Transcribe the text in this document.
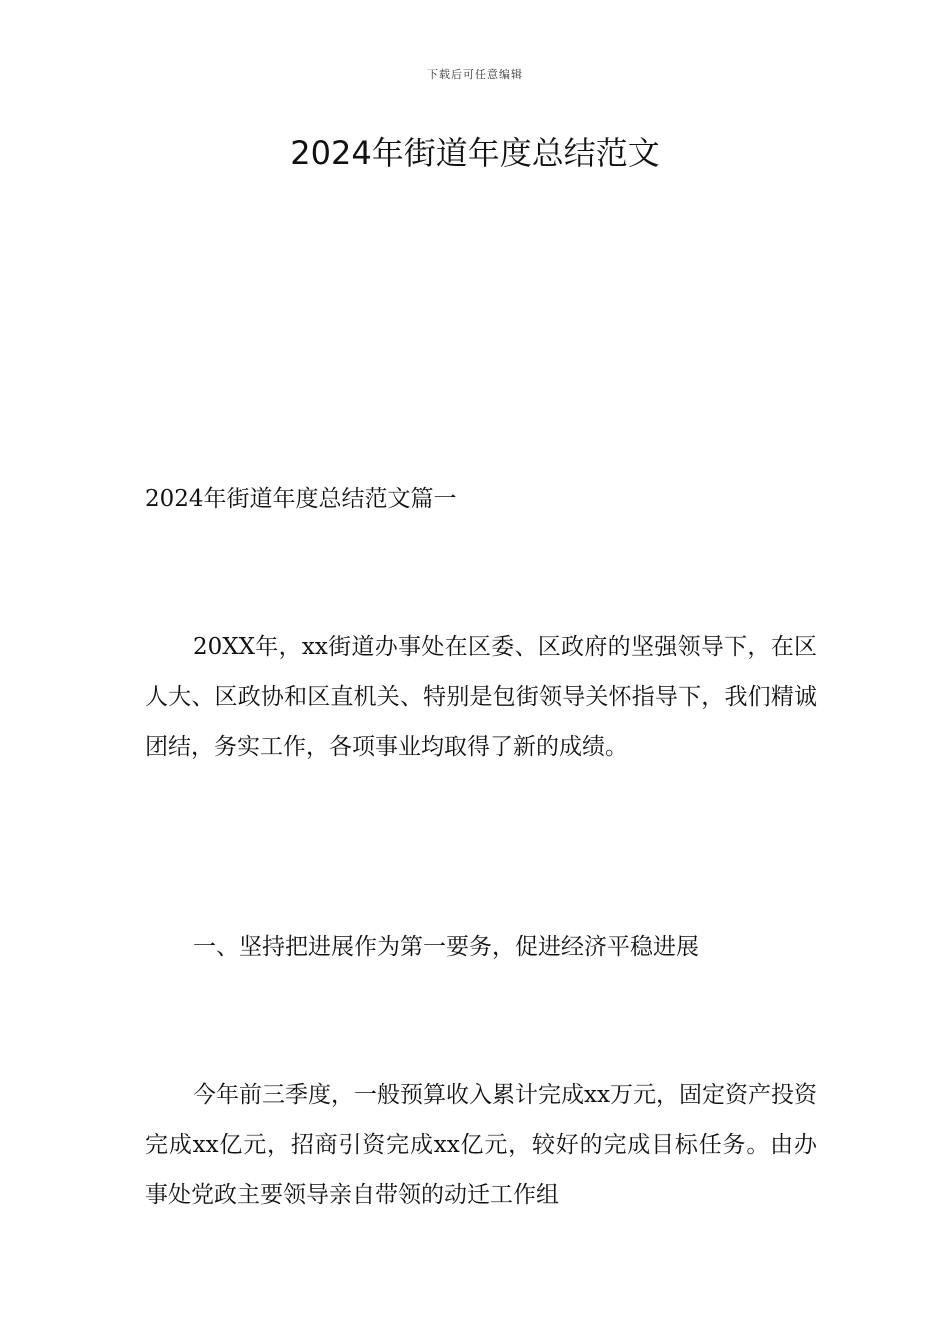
下载后可任意编辑
2024年街道年度总结范文

2024年街道年度总结范文篇一

20XX年，xx街道办事处在区委、区政府的坚强领导下，在区人大、区政协和区直机关、特别是包街领导关怀指导下，我们精诚团结，务实工作，各项事业均取得了新的成绩。

一、坚持把进展作为第一要务，促进经济平稳进展

今年前三季度，一般预算收入累计完成xx万元，固定资产投资完成xx亿元，招商引资完成xx亿元，较好的完成目标任务。由办事处党政主要领导亲自带领的动迁工作组
